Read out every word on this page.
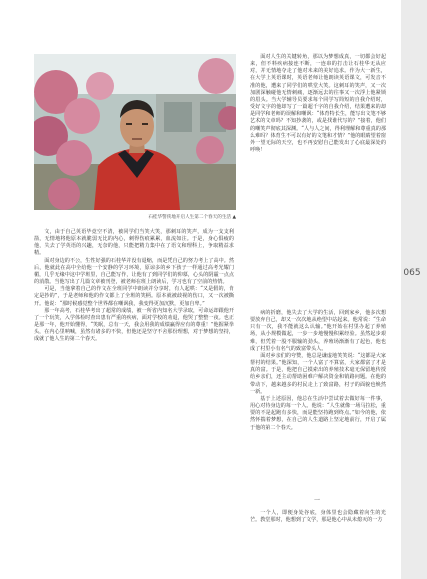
065
石桂华警侠地开启人生第二个春天的生活 ▲

面对人生的关键转角，那以为梦想成真，一切都会好起来，但不料疾病接连不断，一连串的打击让石桂华无从应对，并无情地夺走了他对未来的美好追求。作为大一新生，在大学上英语课时，英语老师让他朗读英语课文，可发音不准的他，遭来了同学们的哄堂大笑。这刺耳的笑声，又一次加剧深触碰他无情刺痛，逐渐远去的往事又一次浮上他紧锁的眉头。当大学辅导员要求每个同学写简短的自我介绍时，受好文字的他却写了一篇超千字的自我介绍，结果遭来的却是同学和老师的误解和嘲讽：“体育特长生，能写出文笔不够艺术的文章吗？不知抄袭的，或是找谁代写的？”接着，他们的嘲笑声彻底其深渊。“人与人之间，得利理解和尊重真的那么难吗？体育生不可以有好的文笔和才情？”他的眼睛望着窗外一望无际的天空，也不再安慰自己能发出了心底最深处的呼唤！

文，由于自己英语毕竟空不清，被同学们当笑大笑，那刺耳的笑声，成为一支支利箭，无情地将他原本就脆弱无比的内心，刺得伤痕累累，血流如注。于是，身心俱疲的他，失去了学英语的兴趣，无奈的他，只能把精力集中在了语文和理科上，争取精益求精。

面对身边的不公，生性好强的石桂华并没有退缩，而是凭自己的努力考上了高中。然后，他就此在高中全给他一个安静的学习环境，原谅多的乡下孩子一样通过高考光耀门楣，几乎无缘中这中学班里，自己能写作，让他有了到同学们的仰慕，心头的阴霾一点点的消散。当他写出了几篇文章被刊登，被老师在班上朗读后，学习也有了空前的热情。

可是，当他拿着自己的作文在全班同学中朗读并分享时，有人起哄：“又是假的，肯定是抄的”，于是老师和他的作文都上了全班的笑柄。原本就被歧视的伤口，又一次被撕开。他说：“那时候感觉整个世界都在嘲讽我，我变得更加沉默，更加自卑。”

那一年高考，石桂华考出了超常的成绩，被一所省内知名大学录取，可命运却跟他开了一个玩笑，入学体检时查出患有严重的疾病，面对学校的劝退，他哭了整整一夜。也正是那一年，他开始懂得，“笑眠，总有一天，我会用我的成绩赢得应有的尊重！”他握紧拳头，在内心里呐喊，虽然有诸多的不快，但他还是坚守不舍那份理想，对于梦想的坚持，成就了他人生的第二个春天。

病的折磨，他失去了大学的生活，回到家乡，他多次想要放弃自己，却又一次次地从绝望中站起来。他常说：“生命只有一次，我不能就这么认输。”他开始在村里办起了养殖场，从小规模做起，一步一步地慢慢积累经验。虽然起步艰难，但凭着一股不服输的劲头，养殖场渐渐有了起色，他也成了村里小有名气的致富带头人。

面对乡亲们的夸赞，他总是谦虚地笑笑说：“这都是大家帮衬的结果。”他深知，一个人富了不算富，大家都富了才是真的富。于是，他把自己摸索出的养殖技术毫无保留地传授给乡亲们，还主动帮助困难户解决资金和销路问题。在他的带动下，越来越多的村民走上了致富路，村子的面貌也焕然一新。

基于上述原因，他总在生活中尝试着去做好每一件事，用心对待身边的每一个人。他说：“人生就像一场马拉松，重要的不是起跑有多快，而是能坚持跑到终点。”如今的他，依然怀揣着梦想，在自己的人生道路上坚定地前行，开启了属于他的第二个春天。

一

一个人，即便身处谷底，身体里也会隐藏着向生的光芒。教堂那时，他想到了文学，那是他心中从未熄灭的一方
